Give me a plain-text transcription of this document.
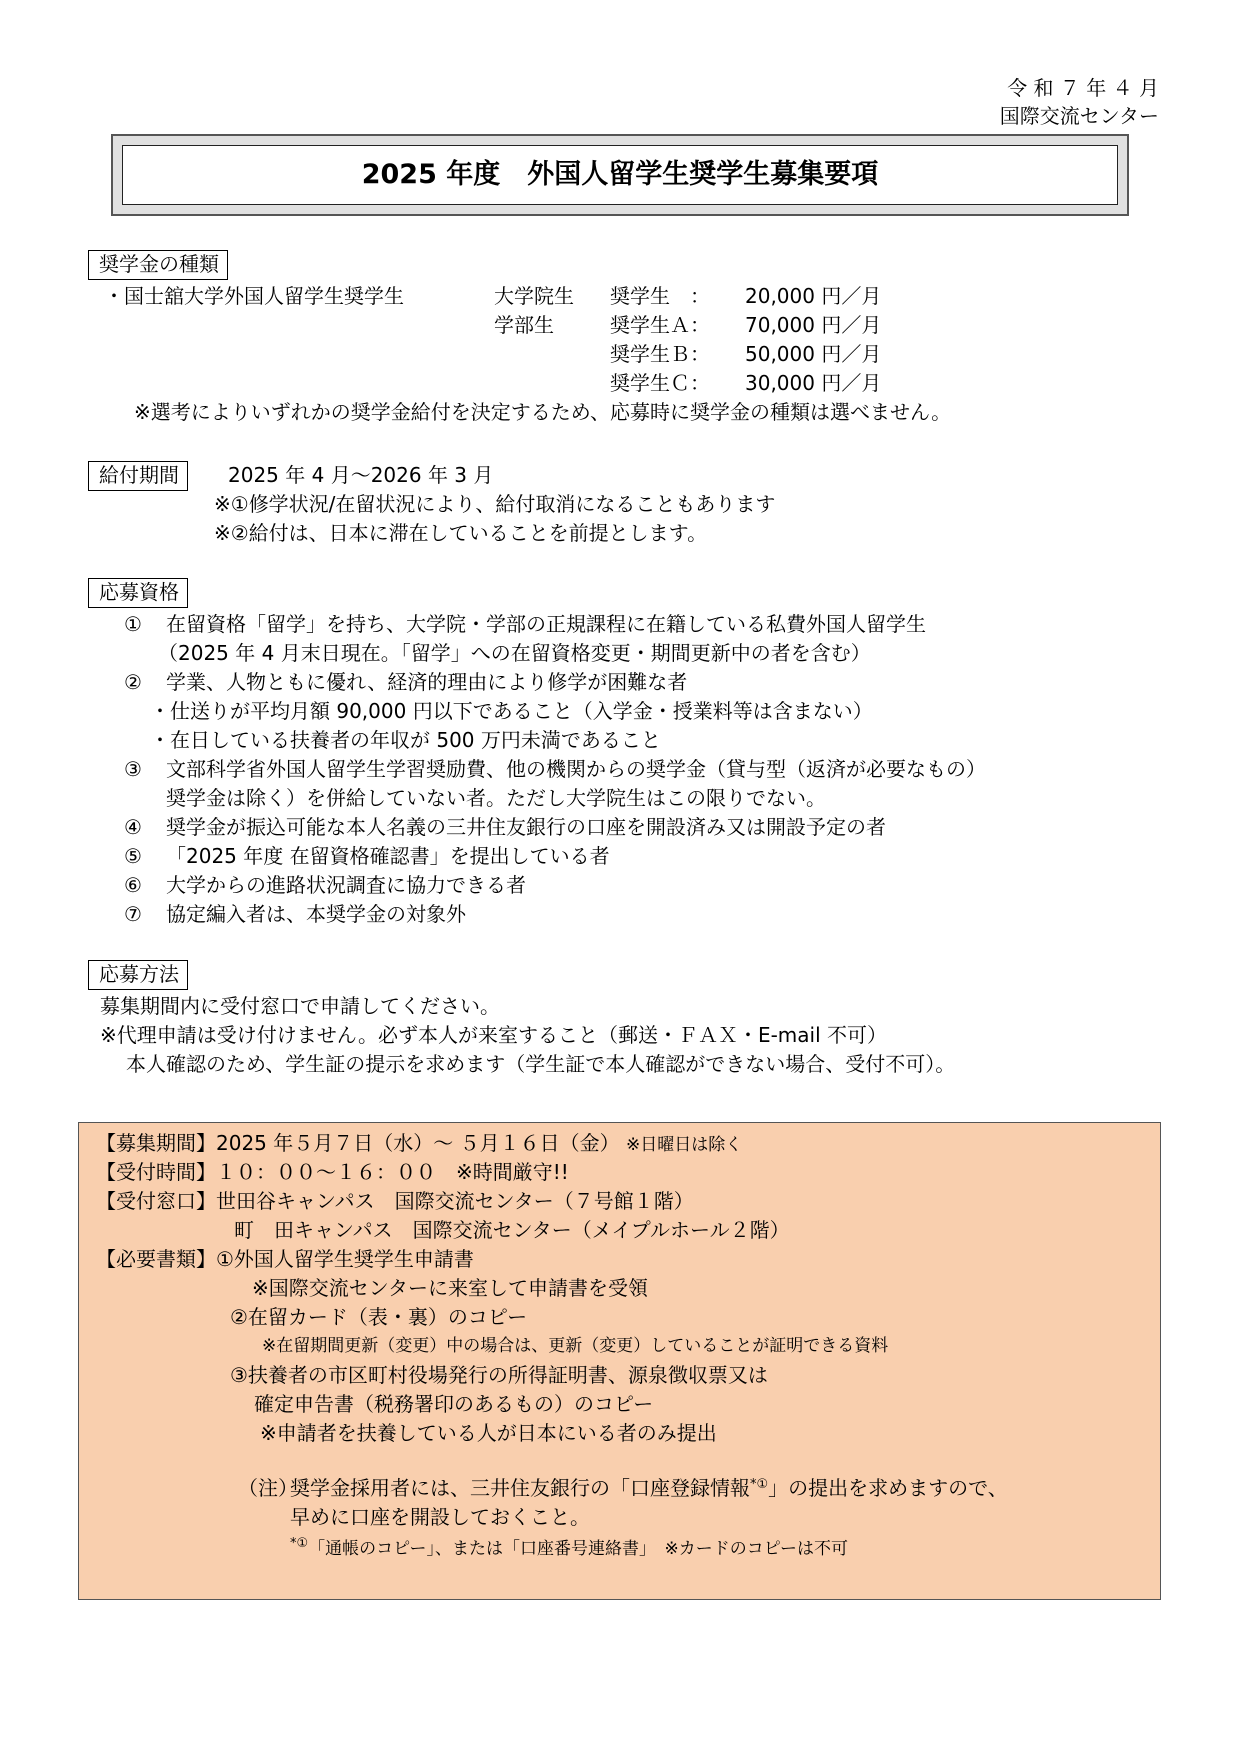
令 和 ７ 年 ４ 月
国際交流センター
2025 年度　外国人留学生奨学生募集要項
奨学金の種類
・国士舘大学外国人留学生奨学生	大学院生 奨学生　： 20,000 円／月
学部生	奨学生Ａ： 70,000 円／月
奨学生Ｂ： 50,000 円／月
奨学生Ｃ： 30,000 円／月
※選考によりいずれかの奨学金給付を決定するため、応募時に奨学金の種類は選べません。
給付期間	2025 年 4 月～2026 年 3 月
※①修学状況/在留状況により、給付取消になることもあります
※②給付は、日本に滞在していることを前提とします。
応募資格
① 在留資格「留学」を持ち、大学院・学部の正規課程に在籍している私費外国人留学生
（2025 年 4 月末日現在。「留学」への在留資格変更・期間更新中の者を含む）
② 学業、人物ともに優れ、経済的理由により修学が困難な者
・仕送りが平均月額 90,000 円以下であること（入学金・授業料等は含まない）
・在日している扶養者の年収が 500 万円未満であること
③ 文部科学省外国人留学生学習奨励費、他の機関からの奨学金（貸与型（返済が必要なもの）
奨学金は除く）を併給していない者。ただし大学院生はこの限りでない。
④ 奨学金が振込可能な本人名義の三井住友銀行の口座を開設済み又は開設予定の者
⑤ 「2025 年度 在留資格確認書」を提出している者
⑥ 大学からの進路状況調査に協力できる者
⑦ 協定編入者は、本奨学金の対象外
応募方法
募集期間内に受付窓口で申請してください。
※代理申請は受け付けません。必ず本人が来室すること（郵送・ＦＡＸ・E-mail 不可）
本人確認のため、学生証の提示を求めます（学生証で本人確認ができない場合、受付不可）。
【募集期間】2025 年５月７日（水）～ ５月１６日（金） ※日曜日は除く
【受付時間】１０：００～１６：００　※時間厳守!!
【受付窓口】世田谷キャンパス　国際交流センター（７号館１階）
町　田キャンパス　国際交流センター（メイプルホール２階）
【必要書類】①外国人留学生奨学生申請書
※国際交流センターに来室して申請書を受領
②在留カード（表・裏）のコピー
※在留期間更新（変更）中の場合は、更新（変更）していることが証明できる資料
③扶養者の市区町村役場発行の所得証明書、源泉徴収票又は
確定申告書（税務署印のあるもの）のコピー
※申請者を扶養している人が日本にいる者のみ提出
（注）奨学金採用者には、三井住友銀行の「口座登録情報*①」の提出を求めますので、
早めに口座を開設しておくこと。
*①「通帳のコピー」、または「口座番号連絡書」　※カードのコピーは不可
